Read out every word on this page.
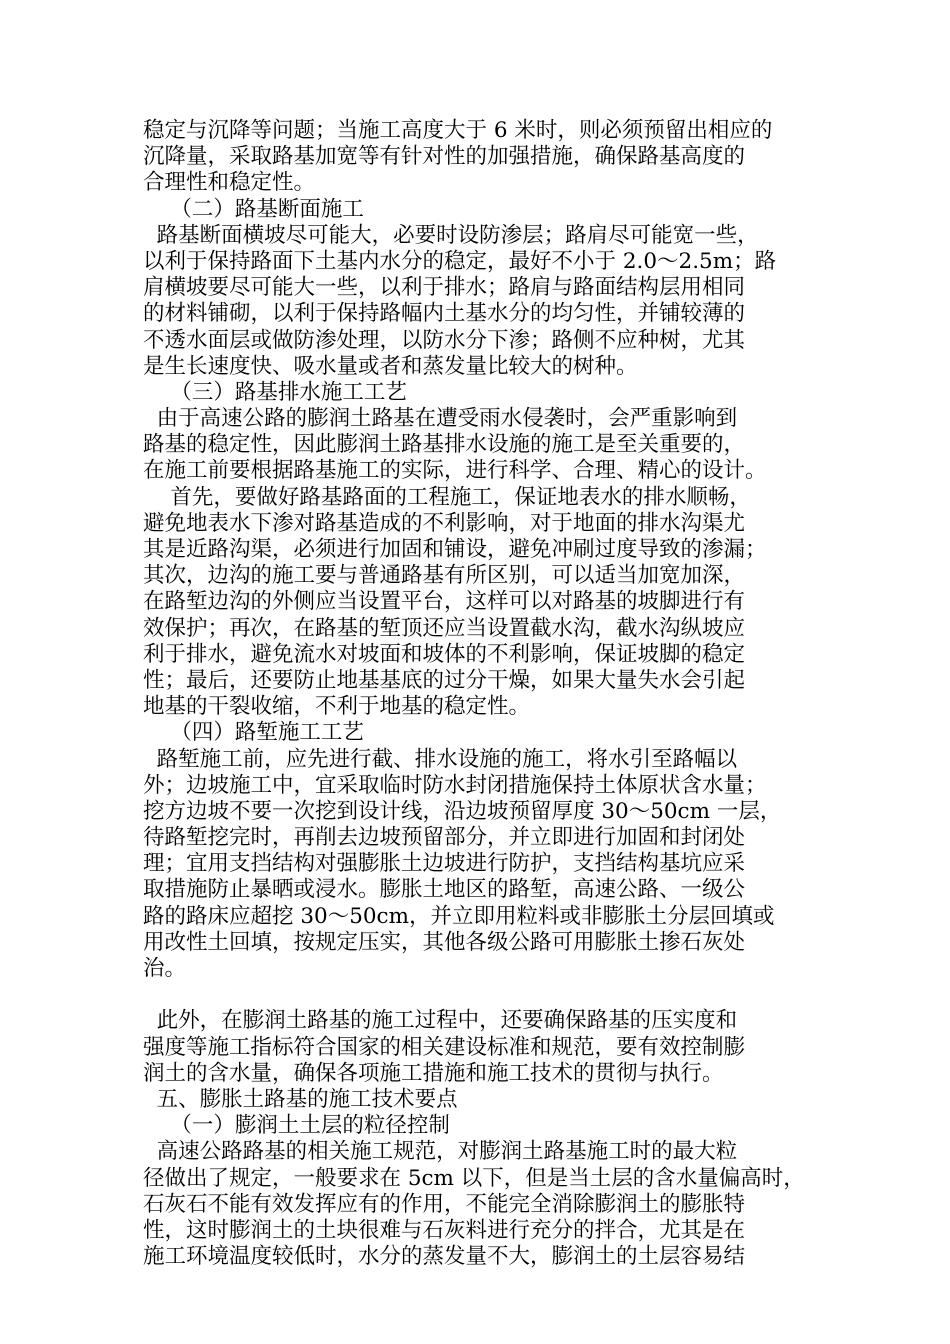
稳定与沉降等问题；当施工高度大于 6 米时，则必须预留出相应的
沉降量，采取路基加宽等有针对性的加强措施，确保路基高度的
合理性和稳定性。
（二）路基断面施工
路基断面横坡尽可能大，必要时设防渗层；路肩尽可能宽一些，
以利于保持路面下土基内水分的稳定，最好不小于 2.0～2.5m；路
肩横坡要尽可能大一些，以利于排水；路肩与路面结构层用相同
的材料铺砌，以利于保持路幅内土基水分的均匀性，并铺较薄的
不透水面层或做防渗处理，以防水分下渗；路侧不应种树，尤其
是生长速度快、吸水量或者和蒸发量比较大的树种。
（三）路基排水施工工艺
由于高速公路的膨润土路基在遭受雨水侵袭时，会严重影响到
路基的稳定性，因此膨润土路基排水设施的施工是至关重要的，
在施工前要根据路基施工的实际，进行科学、合理、精心的设计。
首先，要做好路基路面的工程施工，保证地表水的排水顺畅，
避免地表水下渗对路基造成的不利影响，对于地面的排水沟渠尤
其是近路沟渠，必须进行加固和铺设，避免冲刷过度导致的渗漏；
其次，边沟的施工要与普通路基有所区别，可以适当加宽加深，
在路堑边沟的外侧应当设置平台，这样可以对路基的坡脚进行有
效保护；再次，在路基的堑顶还应当设置截水沟，截水沟纵坡应
利于排水，避免流水对坡面和坡体的不利影响，保证坡脚的稳定
性；最后，还要防止地基基底的过分干燥，如果大量失水会引起
地基的干裂收缩，不利于地基的稳定性。
（四）路堑施工工艺
路堑施工前，应先进行截、排水设施的施工，将水引至路幅以
外；边坡施工中，宜采取临时防水封闭措施保持土体原状含水量；
挖方边坡不要一次挖到设计线，沿边坡预留厚度 30～50cm 一层，
待路堑挖完时，再削去边坡预留部分，并立即进行加固和封闭处
理；宜用支挡结构对强膨胀土边坡进行防护，支挡结构基坑应采
取措施防止暴晒或浸水。膨胀土地区的路堑，高速公路、一级公
路的路床应超挖 30～50cm，并立即用粒料或非膨胀土分层回填或
用改性土回填，按规定压实，其他各级公路可用膨胀土掺石灰处
治。
此外，在膨润土路基的施工过程中，还要确保路基的压实度和
强度等施工指标符合国家的相关建设标准和规范，要有效控制膨
润土的含水量，确保各项施工措施和施工技术的贯彻与执行。
五、膨胀土路基的施工技术要点
（一）膨润土土层的粒径控制
高速公路路基的相关施工规范，对膨润土路基施工时的最大粒
径做出了规定，一般要求在 5cm 以下，但是当土层的含水量偏高时，
石灰石不能有效发挥应有的作用，不能完全消除膨润土的膨胀特
性，这时膨润土的土块很难与石灰料进行充分的拌合，尤其是在
施工环境温度较低时，水分的蒸发量不大，膨润土的土层容易结
